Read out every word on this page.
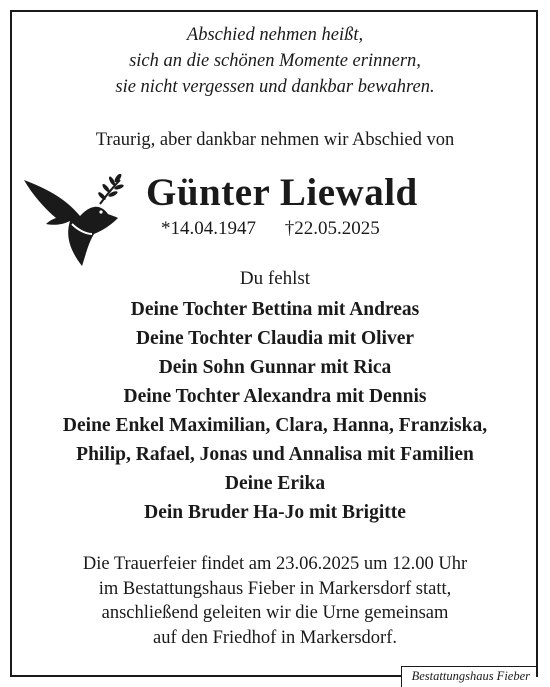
Abschied nehmen heißt,
sich an die schönen Momente erinnern,
sie nicht vergessen und dankbar bewahren.
Traurig, aber dankbar nehmen wir Abschied von
Günter Liewald
*14.04.1947 †22.05.2025
Du fehlst
Deine Tochter Bettina mit Andreas
Deine Tochter Claudia mit Oliver
Dein Sohn Gunnar mit Rica
Deine Tochter Alexandra mit Dennis
Deine Enkel Maximilian, Clara, Hanna, Franziska,
Philip, Rafael, Jonas und Annalisa mit Familien
Deine Erika
Dein Bruder Ha-Jo mit Brigitte
Die Trauerfeier findet am 23.06.2025 um 12.00 Uhr
im Bestattungshaus Fieber in Markersdorf statt,
anschließend geleiten wir die Urne gemeinsam
auf den Friedhof in Markersdorf.
Bestattungshaus Fieber
